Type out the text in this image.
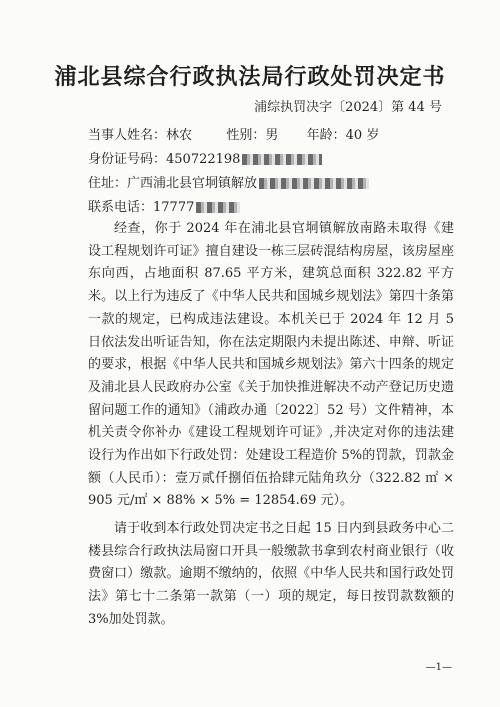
浦北县综合行政执法局行政处罚决定书
浦综执罚决字〔2024〕第 44 号
当事人姓名：林农	性别：男 年龄：40 岁
身份证号码：450722198
住址：广西浦北县官垌镇解放
联系电话：17777

经查，你于 2024 年在浦北县官垌镇解放南路未取得《建设工程规划许可证》擅自建设一栋三层砖混结构房屋，该房屋座东向西，占地面积 87.65 平方米，建筑总面积 322.82 平方米。以上行为违反了《中华人民共和国城乡规划法》第四十条第一款的规定，已构成违法建设。本机关已于 2024 年 12 月 5 日依法发出听证告知，你在法定期限内未提出陈述、申辩、听证的要求，根据《中华人民共和国城乡规划法》第六十四条的规定及浦北县人民政府办公室《关于加快推进解决不动产登记历史遗留问题工作的通知》（浦政办通〔2022〕52 号）文件精神，本机关责令你补办《建设工程规划许可证》,并决定对你的违法建设行为作出如下行政处罚：处建设工程造价 5%的罚款，罚款金额（人民币）：壹万贰仟捌佰伍拾肆元陆角玖分（322.82 ㎡ × 905 元/㎡ × 88% × 5% = 12854.69 元）。

请于收到本行政处罚决定书之日起 15 日内到县政务中心二楼县综合行政执法局窗口开具一般缴款书拿到农村商业银行（收费窗口）缴款。逾期不缴纳的，依照《中华人民共和国行政处罚法》第七十二条第一款第（一）项的规定，每日按罚款数额的 3%加处罚款。

—1—
